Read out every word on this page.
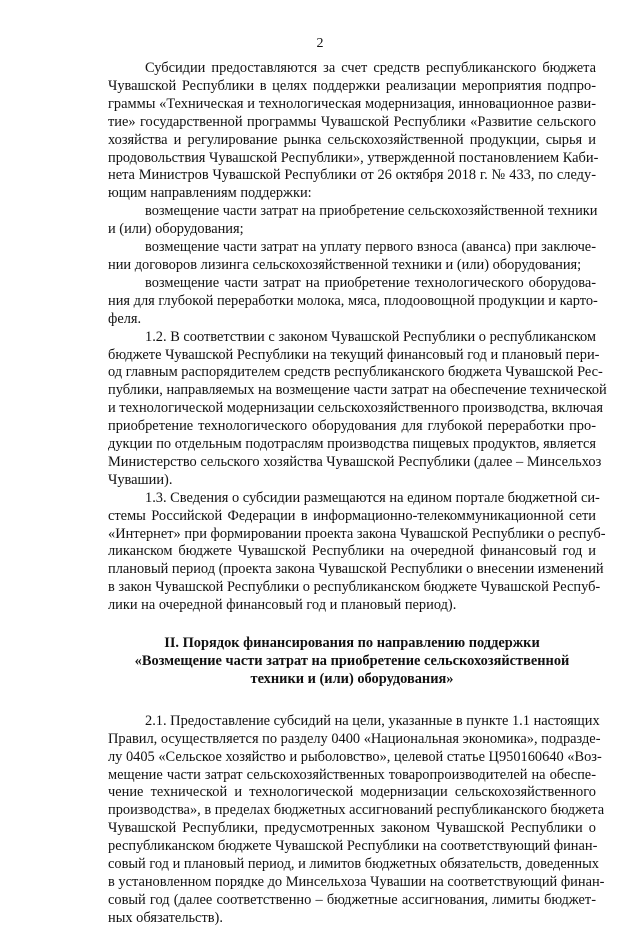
2
Субсидии предоставляются за счет средств республиканского бюджета
Чувашской Республики в целях поддержки реализации мероприятия подпро-
граммы «Техническая и технологическая модернизация, инновационное разви-
тие» государственной программы Чувашской Республики «Развитие сельского
хозяйства и регулирование рынка сельскохозяйственной продукции, сырья и
продовольствия Чувашской Республики», утвержденной постановлением Каби-
нета Министров Чувашской Республики от 26 октября 2018 г. № 433, по следу-
ющим направлениям поддержки:
возмещение части затрат на приобретение сельскохозяйственной техники
и (или) оборудования;
возмещение части затрат на уплату первого взноса (аванса) при заключе-
нии договоров лизинга сельскохозяйственной техники и (или) оборудования;
возмещение части затрат на приобретение технологического оборудова-
ния для глубокой переработки молока, мяса, плодоовощной продукции и карто-
феля.
1.2. В соответствии с законом Чувашской Республики о республиканском
бюджете Чувашской Республики на текущий финансовый год и плановый пери-
од главным распорядителем средств республиканского бюджета Чувашской Рес-
публики, направляемых на возмещение части затрат на обеспечение технической
и технологической модернизации сельскохозяйственного производства, включая
приобретение технологического оборудования для глубокой переработки про-
дукции по отдельным подотраслям производства пищевых продуктов, является
Министерство сельского хозяйства Чувашской Республики (далее – Минсельхоз
Чувашии).
1.3. Сведения о субсидии размещаются на едином портале бюджетной си-
стемы Российской Федерации в информационно-телекоммуникационной сети
«Интернет» при формировании проекта закона Чувашской Республики о респуб-
ликанском бюджете Чувашской Республики на очередной финансовый год и
плановый период (проекта закона Чувашской Республики о внесении изменений
в закон Чувашской Республики о республиканском бюджете Чувашской Респуб-
лики на очередной финансовый год и плановый период).
II. Порядок финансирования по направлению поддержки
«Возмещение части затрат на приобретение сельскохозяйственной
техники и (или) оборудования»
2.1. Предоставление субсидий на цели, указанные в пункте 1.1 настоящих
Правил, осуществляется по разделу 0400 «Национальная экономика», подразде-
лу 0405 «Сельское хозяйство и рыболовство», целевой статье Ц950160640 «Воз-
мещение части затрат сельскохозяйственных товаропроизводителей на обеспе-
чение технической и технологической модернизации сельскохозяйственного
производства», в пределах бюджетных ассигнований республиканского бюджета
Чувашской Республики, предусмотренных законом Чувашской Республики о
республиканском бюджете Чувашской Республики на соответствующий финан-
совый год и плановый период, и лимитов бюджетных обязательств, доведенных
в установленном порядке до Минсельхоза Чувашии на соответствующий финан-
совый год (далее соответственно – бюджетные ассигнования, лимиты бюджет-
ных обязательств).
